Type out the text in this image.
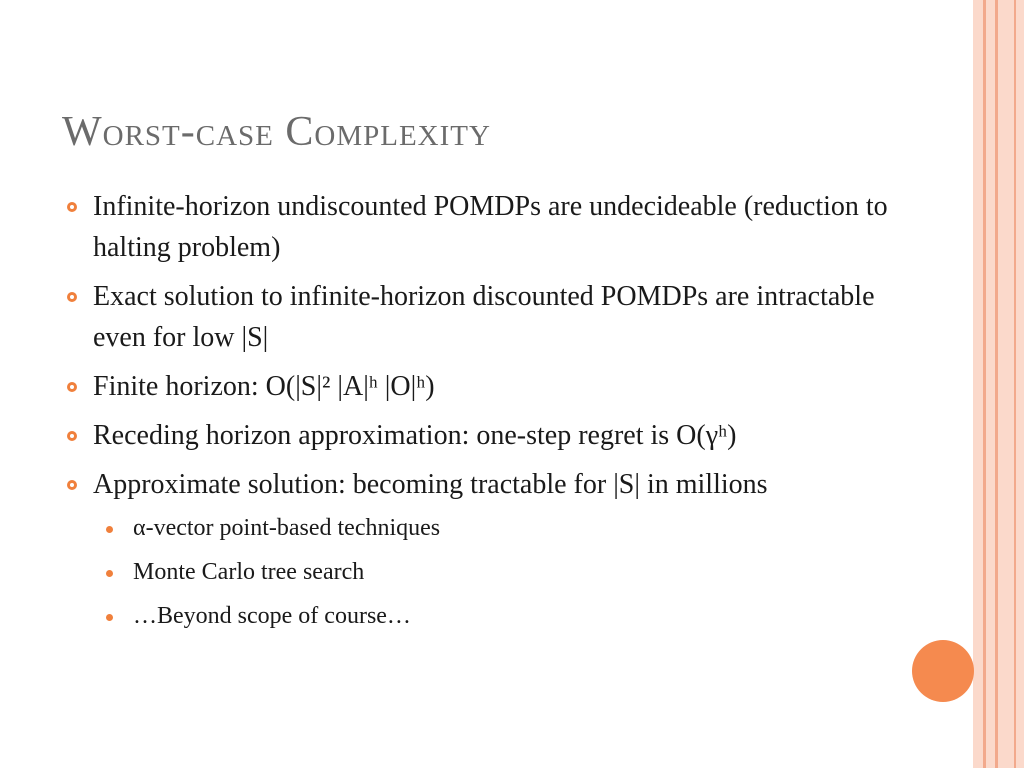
Worst-case Complexity
Infinite-horizon undiscounted POMDPs are undecideable (reduction to halting problem)
Exact solution to infinite-horizon discounted POMDPs are intractable even for low |S|
Finite horizon: O(|S|² |A|ʰ |O|ʰ)
Receding horizon approximation: one-step regret is O(γʰ)
Approximate solution: becoming tractable for |S| in millions
α-vector point-based techniques
Monte Carlo tree search
…Beyond scope of course…
